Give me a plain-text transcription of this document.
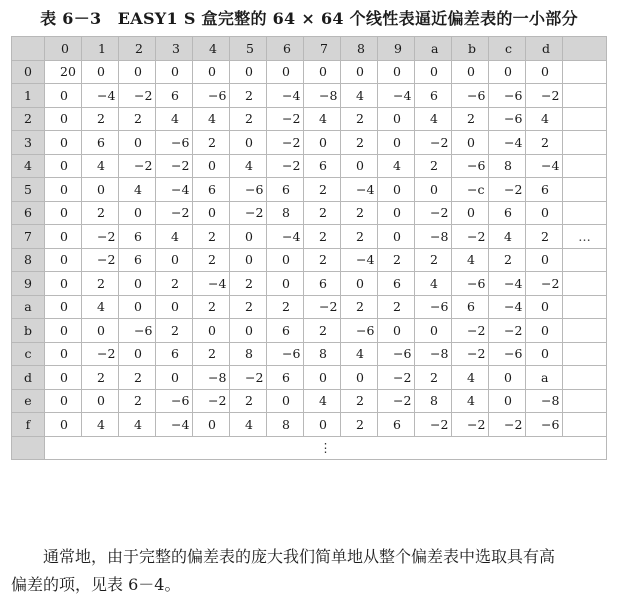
表 6－3　EASY1 S 盒完整的 64 × 64 个线性表逼近偏差表的一小部分
	0	1	2	3	4	5	6	7	8	9	a	b	c	d	
0	20	0	0	0	0	0	0	0	0	0	0	0	0	0	
1	0	−4	−2	6	−6	2	−4	−8	4	−4	6	−6	−6	−2	
2	0	2	2	4	4	2	−2	4	2	0	4	2	−6	4	
3	0	6	0	−6	2	0	−2	0	2	0	−2	0	−4	2	
4	0	4	−2	−2	0	4	−2	6	0	4	2	−6	8	−4	
5	0	0	4	−4	6	−6	6	2	−4	0	0	−c	−2	6	
6	0	2	0	−2	0	−2	8	2	2	0	−2	0	6	0	
7	0	−2	6	4	2	0	−4	2	2	0	−8	−2	4	2	…
8	0	−2	6	0	2	0	0	2	−4	2	2	4	2	0	
9	0	2	0	2	−4	2	0	6	0	6	4	−6	−4	−2	
a	0	4	0	0	2	2	2	−2	2	2	−6	6	−4	0	
b	0	0	−6	2	0	0	6	2	−6	0	0	−2	−2	0	
c	0	−2	0	6	2	8	−6	8	4	−6	−8	−2	−6	0	
d	0	2	2	0	−8	−2	6	0	0	−2	2	4	0	a	
e	0	0	2	−6	−2	2	0	4	2	−2	8	4	0	−8	
f	0	4	4	−4	0	4	8	0	2	6	−2	−2	−2	−6	
	⋮														

通常地，由于完整的偏差表的庞大我们简单地从整个偏差表中选取具有高

偏差的项，见表 6－4。
